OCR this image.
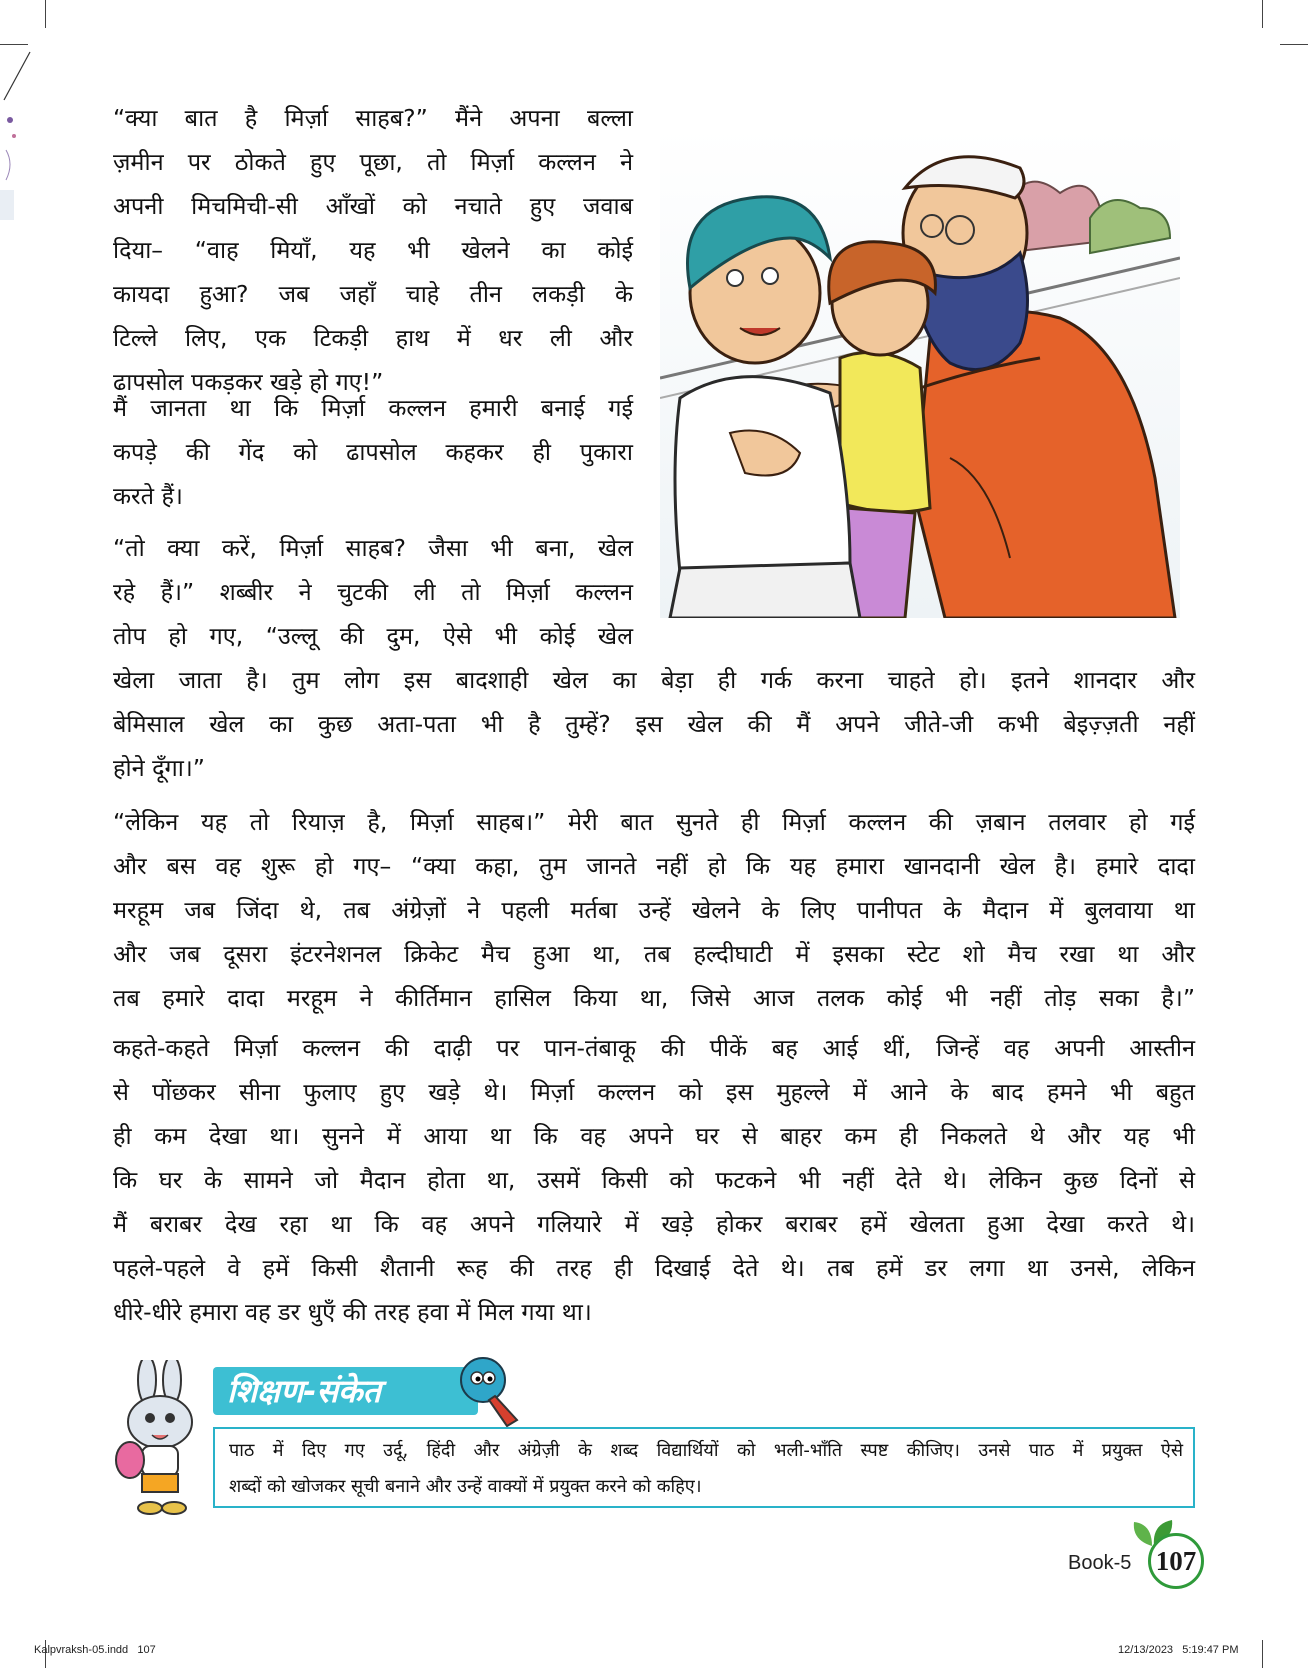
“क्या बात है मिर्ज़ा साहब?” मैंने अपना बल्ला
ज़मीन पर ठोकते हुए पूछा, तो मिर्ज़ा कल्लन ने
अपनी मिचमिची-सी आँखों को नचाते हुए जवाब
दिया– “वाह मियाँ, यह भी खेलने का कोई
कायदा हुआ? जब जहाँ चाहे तीन लकड़ी के
टिल्ले लिए, एक टिकड़ी हाथ में धर ली और
ढापसोल पकड़कर खड़े हो गए!”
मैं जानता था कि मिर्ज़ा कल्लन हमारी बनाई गई
कपड़े की गेंद को ढापसोल कहकर ही पुकारा
करते हैं।
“तो क्या करें, मिर्ज़ा साहब? जैसा भी बना, खेल
रहे हैं।” शब्बीर ने चुटकी ली तो मिर्ज़ा कल्लन
तोप हो गए, “उल्लू की दुम, ऐसे भी कोई खेल
खेला जाता है। तुम लोग इस बादशाही खेल का बेड़ा ही गर्क करना चाहते हो। इतने शानदार और
बेमिसाल खेल का कुछ अता-पता भी है तुम्हें? इस खेल की मैं अपने जीते-जी कभी बेइज़्ज़ती नहीं
होने दूँगा।”
“लेकिन यह तो रियाज़ है, मिर्ज़ा साहब।” मेरी बात सुनते ही मिर्ज़ा कल्लन की ज़बान तलवार हो गई
और बस वह शुरू हो गए– “क्या कहा, तुम जानते नहीं हो कि यह हमारा खानदानी खेल है। हमारे दादा
मरहूम जब जिंदा थे, तब अंग्रेज़ों ने पहली मर्तबा उन्हें खेलने के लिए पानीपत के मैदान में बुलवाया था
और जब दूसरा इंटरनेशनल क्रिकेट मैच हुआ था, तब हल्दीघाटी में इसका स्टेट शो मैच रखा था और
तब हमारे दादा मरहूम ने कीर्तिमान हासिल किया था, जिसे आज तलक कोई भी नहीं तोड़ सका है।”
कहते-कहते मिर्ज़ा कल्लन की दाढ़ी पर पान-तंबाकू की पीकें बह आई थीं, जिन्हें वह अपनी आस्तीन
से पोंछकर सीना फुलाए हुए खड़े थे। मिर्ज़ा कल्लन को इस मुहल्ले में आने के बाद हमने भी बहुत
ही कम देखा था। सुनने में आया था कि वह अपने घर से बाहर कम ही निकलते थे और यह भी
कि घर के सामने जो मैदान होता था, उसमें किसी को फटकने भी नहीं देते थे। लेकिन कुछ दिनों से
मैं बराबर देख रहा था कि वह अपने गलियारे में खड़े होकर बराबर हमें खेलता हुआ देखा करते थे।
पहले-पहले वे हमें किसी शैतानी रूह की तरह ही दिखाई देते थे। तब हमें डर लगा था उनसे, लेकिन
धीरे-धीरे हमारा वह डर धुएँ की तरह हवा में मिल गया था।
शिक्षण-संकेत
पाठ में दिए गए उर्दू, हिंदी और अंग्रेज़ी के शब्द विद्यार्थियों को भली-भाँति स्पष्ट कीजिए। उनसे पाठ में प्रयुक्त ऐसे
शब्दों को खोजकर सूची बनाने और उन्हें वाक्यों में प्रयुक्त करने को कहिए।
Book-5 107
Kalpvraksh-05.indd   107	12/13/2023   5:19:47 PM
